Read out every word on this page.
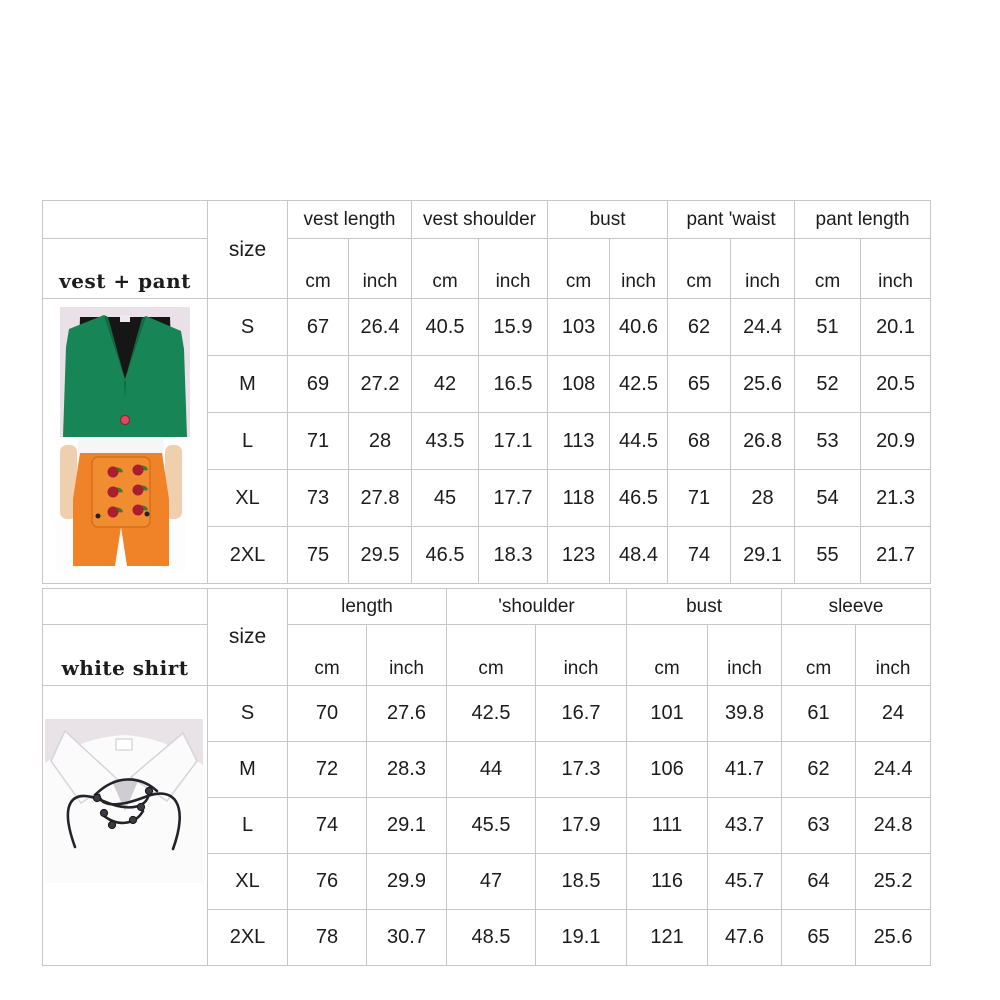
	size	vest length		vest shoulder		bust		pant 'waist		pant length	
vest + pant		cm	inch	cm	inch	cm	inch	cm	inch	cm	inch

	S	67	26.4	40.5	15.9	103	40.6	62	24.4	51	20.1
	M	69	27.2	42	16.5	108	42.5	65	25.6	52	20.5
	L	71	28	43.5	17.1	113	44.5	68	26.8	53	20.9
	XL	73	27.8	45	17.7	118	46.5	71	28	54	21.3
	2XL	75	29.5	46.5	18.3	123	48.4	74	29.1	55	21.7
	size	length		'shoulder		bust		sleeve	
white shirt		cm	inch	cm	inch	cm	inch	cm	inch

	S	70	27.6	42.5	16.7	101	39.8	61	24
	M	72	28.3	44	17.3	106	41.7	62	24.4
	L	74	29.1	45.5	17.9	111	43.7	63	24.8
	XL	76	29.9	47	18.5	116	45.7	64	25.2
	2XL	78	30.7	48.5	19.1	121	47.6	65	25.6
